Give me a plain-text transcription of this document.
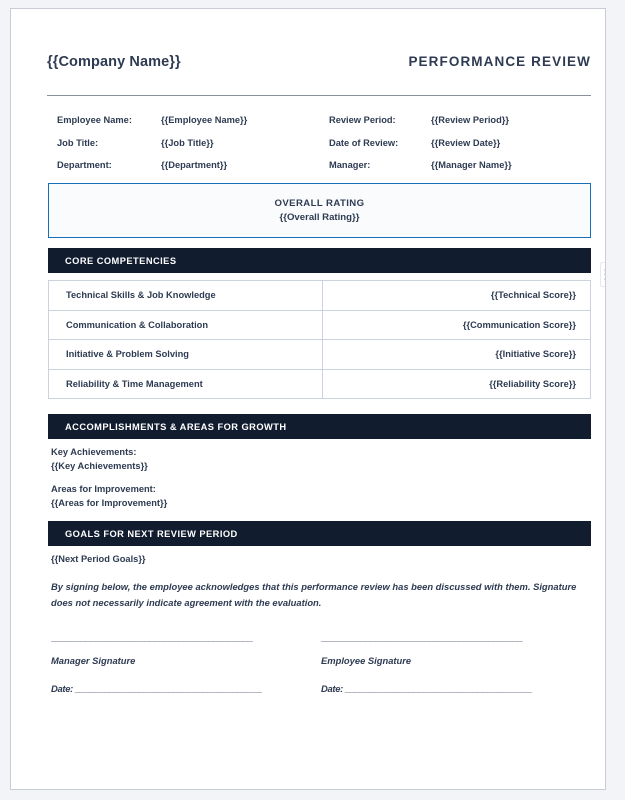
{{Company Name}}	PERFORMANCE REVIEW
Employee Name:	{{Employee Name}}	Review Period:	{{Review Period}}
Job Title:	{{Job Title}}	Date of Review:	{{Review Date}}
Department:	{{Department}}	Manager:	{{Manager Name}}
OVERALL RATING
{{Overall Rating}}
CORE COMPETENCIES
Technical Skills & Job Knowledge	{{Technical Score}}
Communication & Collaboration	{{Communication Score}}
Initiative & Problem Solving	{{Initiative Score}}
Reliability & Time Management	{{Reliability Score}}
ACCOMPLISHMENTS & AREAS FOR GROWTH
Key Achievements:
{{Key Achievements}}
Areas for Improvement:
{{Areas for Improvement}}
GOALS FOR NEXT REVIEW PERIOD
{{Next Period Goals}}
By signing below, the employee acknowledges that this performance review has been discussed with them. Signature does not necessarily indicate agreement with the evaluation.
_________________________________________
Manager Signature
Date: ______________________________________
_________________________________________
Employee Signature
Date: ______________________________________
